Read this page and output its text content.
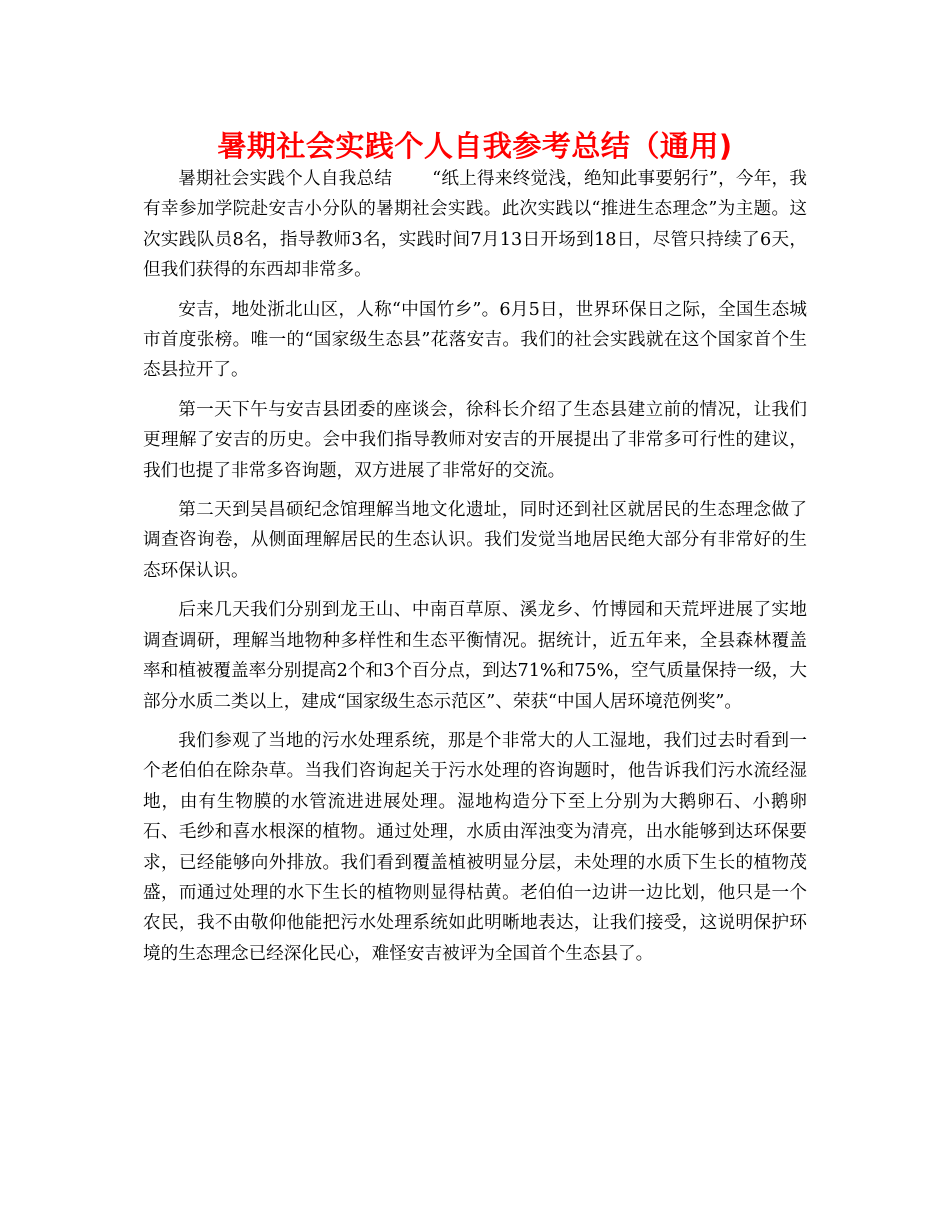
暑期社会实践个人自我参考总结（通用)

暑期社会实践个人自我总结 “纸上得来终觉浅，绝知此事要躬行”，今年，我有幸参加学院赴安吉小分队的暑期社会实践。此次实践以“推进生态理念”为主题。这次实践队员8名，指导教师3名，实践时间7月13日开场到18日，尽管只持续了6天，但我们获得的东西却非常多。

安吉，地处浙北山区，人称“中国竹乡”。6月5日，世界环保日之际，全国生态城市首度张榜。唯一的“国家级生态县”花落安吉。我们的社会实践就在这个国家首个生态县拉开了。

第一天下午与安吉县团委的座谈会，徐科长介绍了生态县建立前的情况，让我们更理解了安吉的历史。会中我们指导教师对安吉的开展提出了非常多可行性的建议，我们也提了非常多咨询题，双方进展了非常好的交流。

第二天到吴昌硕纪念馆理解当地文化遗址，同时还到社区就居民的生态理念做了调查咨询卷，从侧面理解居民的生态认识。我们发觉当地居民绝大部分有非常好的生态环保认识。

后来几天我们分别到龙王山、中南百草原、溪龙乡、竹博园和天荒坪进展了实地调查调研，理解当地物种多样性和生态平衡情况。据统计，近五年来，全县森林覆盖率和植被覆盖率分别提高2个和3个百分点，到达71%和75%，空气质量保持一级，大部分水质二类以上，建成“国家级生态示范区”、荣获“中国人居环境范例奖”。

我们参观了当地的污水处理系统，那是个非常大的人工湿地，我们过去时看到一个老伯伯在除杂草。当我们咨询起关于污水处理的咨询题时，他告诉我们污水流经湿地，由有生物膜的水管流进进展处理。湿地构造分下至上分别为大鹅卵石、小鹅卵石、毛纱和喜水根深的植物。通过处理，水质由浑浊变为清亮，出水能够到达环保要求，已经能够向外排放。我们看到覆盖植被明显分层，未处理的水质下生长的植物茂盛，而通过处理的水下生长的植物则显得枯黄。老伯伯一边讲一边比划，他只是一个农民，我不由敬仰他能把污水处理系统如此明晰地表达，让我们接受，这说明保护环境的生态理念已经深化民心，难怪安吉被评为全国首个生态县了。
